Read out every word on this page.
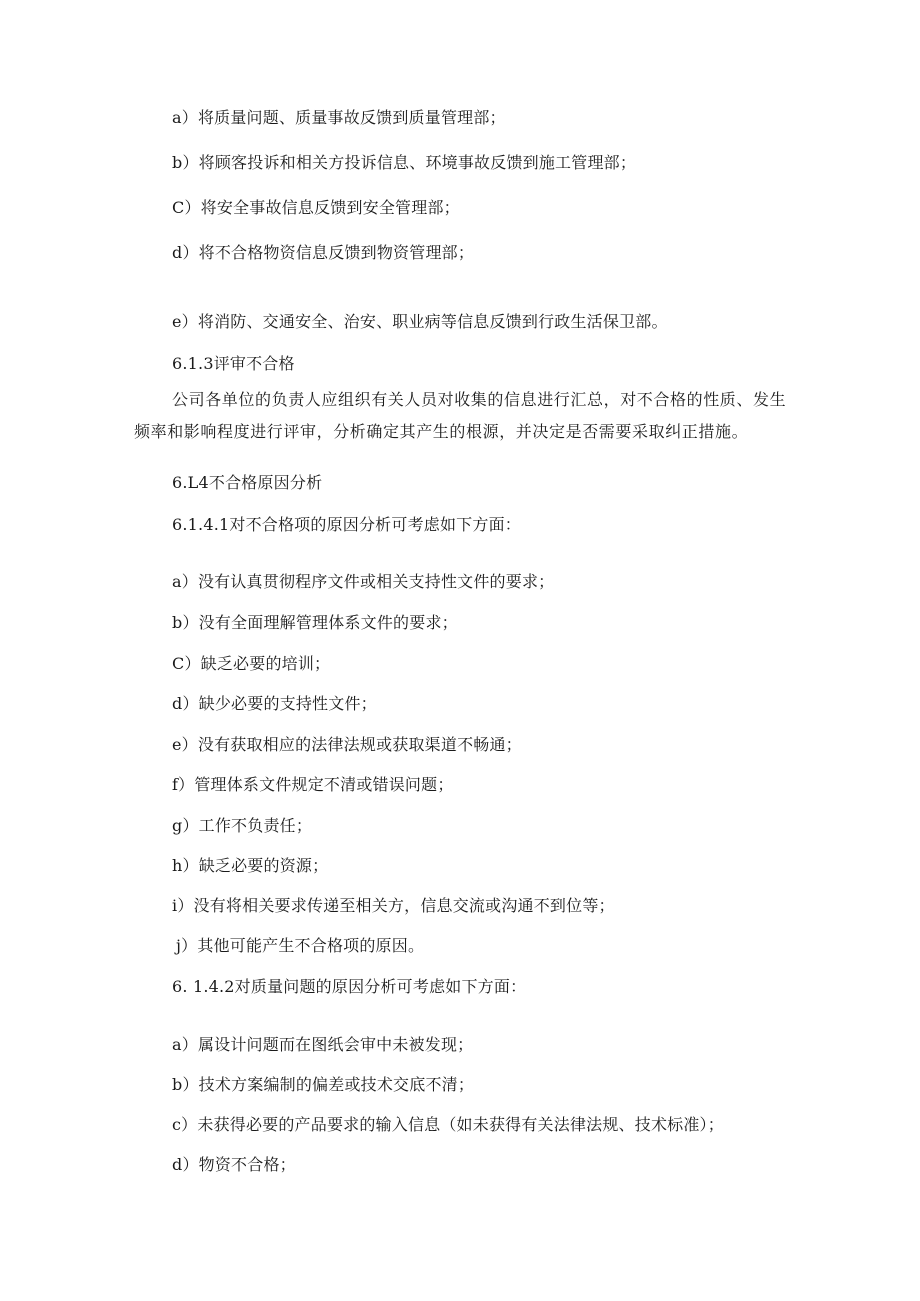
a）将质量问题、质量事故反馈到质量管理部；
b）将顾客投诉和相关方投诉信息、环境事故反馈到施工管理部；
C）将安全事故信息反馈到安全管理部；
d）将不合格物资信息反馈到物资管理部；
e）将消防、交通安全、治安、职业病等信息反馈到行政生活保卫部。
6.1.3评审不合格
公司各单位的负责人应组织有关人员对收集的信息进行汇总，对不合格的性质、发生频率和影响程度进行评审，分析确定其产生的根源，并决定是否需要采取纠正措施。
6.L4不合格原因分析
6.1.4.1对不合格项的原因分析可考虑如下方面：
a）没有认真贯彻程序文件或相关支持性文件的要求；
b）没有全面理解管理体系文件的要求；
C）缺乏必要的培训；
d）缺少必要的支持性文件；
e）没有获取相应的法律法规或获取渠道不畅通；
f）管理体系文件规定不清或错误问题；
g）工作不负责任；
h）缺乏必要的资源；
i）没有将相关要求传递至相关方，信息交流或沟通不到位等；
j）其他可能产生不合格项的原因。
6. 1.4.2对质量问题的原因分析可考虑如下方面：
a）属设计问题而在图纸会审中未被发现；
b）技术方案编制的偏差或技术交底不清；
c）未获得必要的产品要求的输入信息（如未获得有关法律法规、技术标准）；
d）物资不合格；
